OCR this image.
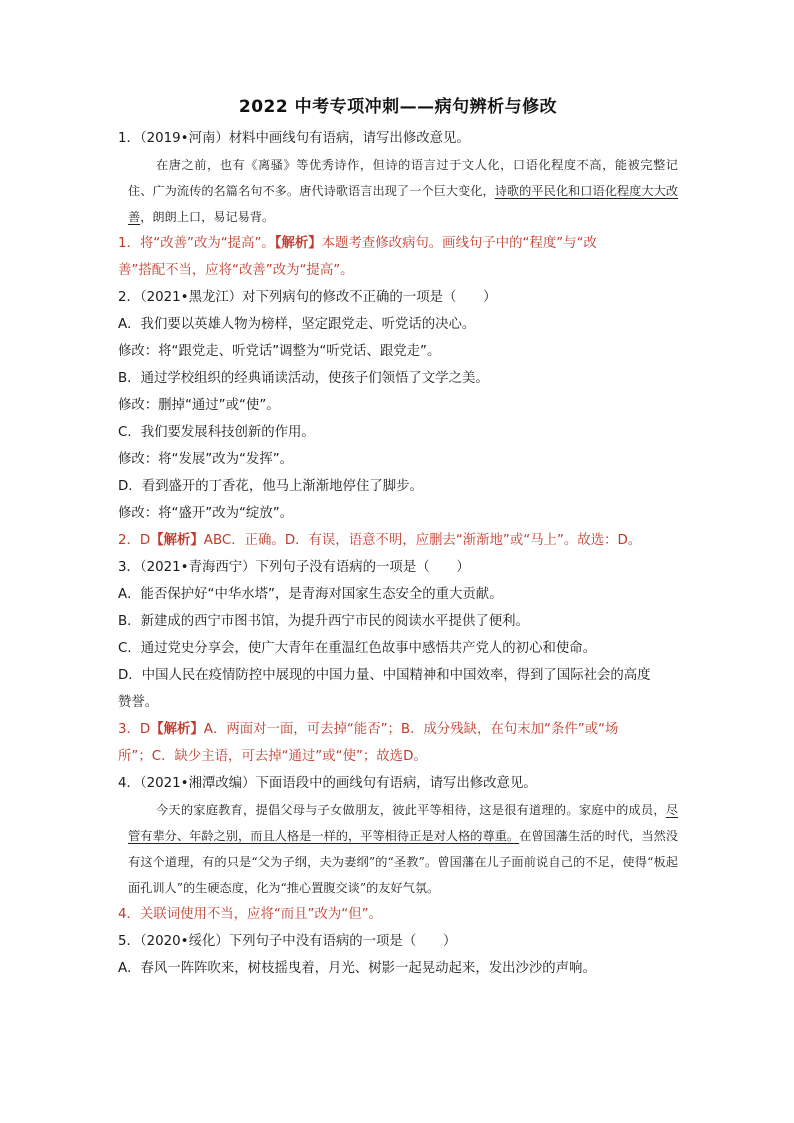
2022 中考专项冲刺——病句辨析与修改
1．（2019•河南）材料中画线句有语病，请写出修改意见。

在唐之前，也有《离骚》等优秀诗作，但诗的语言过于文人化，口语化程度不高，能被完整记住、广为流传的名篇名句不多。唐代诗歌语言出现了一个巨大变化，诗歌的平民化和口语化程度大大改善，朗朗上口，易记易背。

1．将“改善”改为“提高”。【解析】本题考查修改病句。画线句子中的“程度”与“改
善”搭配不当，应将“改善”改为“提高”。
2．（2021•黑龙江）对下列病句的修改不正确的一项是（　　）
A．我们要以英雄人物为榜样，坚定跟党走、听党话的决心。
修改：将“跟党走、听党话”调整为“听党话、跟党走”。
B．通过学校组织的经典诵读活动，使孩子们领悟了文学之美。
修改：删掉“通过”或“使”。
C．我们要发展科技创新的作用。
修改：将“发展”改为“发挥”。
D．看到盛开的丁香花，他马上渐渐地停住了脚步。
修改：将“盛开”改为“绽放”。
2．D【解析】ABC．正确。D．有误，语意不明，应删去“渐渐地”或“马上”。故选：D。
3．（2021•青海西宁）下列句子没有语病的一项是（　　）
A．能否保护好“中华水塔”，是青海对国家生态安全的重大贡献。
B．新建成的西宁市图书馆，为提升西宁市民的阅读水平提供了便利。
C．通过党史分享会，使广大青年在重温红色故事中感悟共产党人的初心和使命。
D．中国人民在疫情防控中展现的中国力量、中国精神和中国效率，得到了国际社会的高度
赞誉。
3．D【解析】A．两面对一面，可去掉“能否”；B．成分残缺，在句末加“条件”或“场
所”；C．缺少主语，可去掉“通过”或“使”；故选D。
4．（2021•湘潭改编）下面语段中的画线句有语病，请写出修改意见。

今天的家庭教育，提倡父母与子女做朋友，彼此平等相待，这是很有道理的。家庭中的成员，尽管有辈分、年龄之别，而且人格是一样的，平等相待正是对人格的尊重。在曾国藩生活的时代，当然没有这个道理，有的只是“父为子纲，夫为妻纲”的“圣教”。曾国藩在儿子面前说自己的不足，使得“板起面孔训人”的生硬态度，化为“推心置腹交谈”的友好气氛。

4．关联词使用不当，应将“而且”改为“但”。
5．（2020•绥化）下列句子中没有语病的一项是（　　）
A．春风一阵阵吹来，树枝摇曳着，月光、树影一起晃动起来，发出沙沙的声响。
